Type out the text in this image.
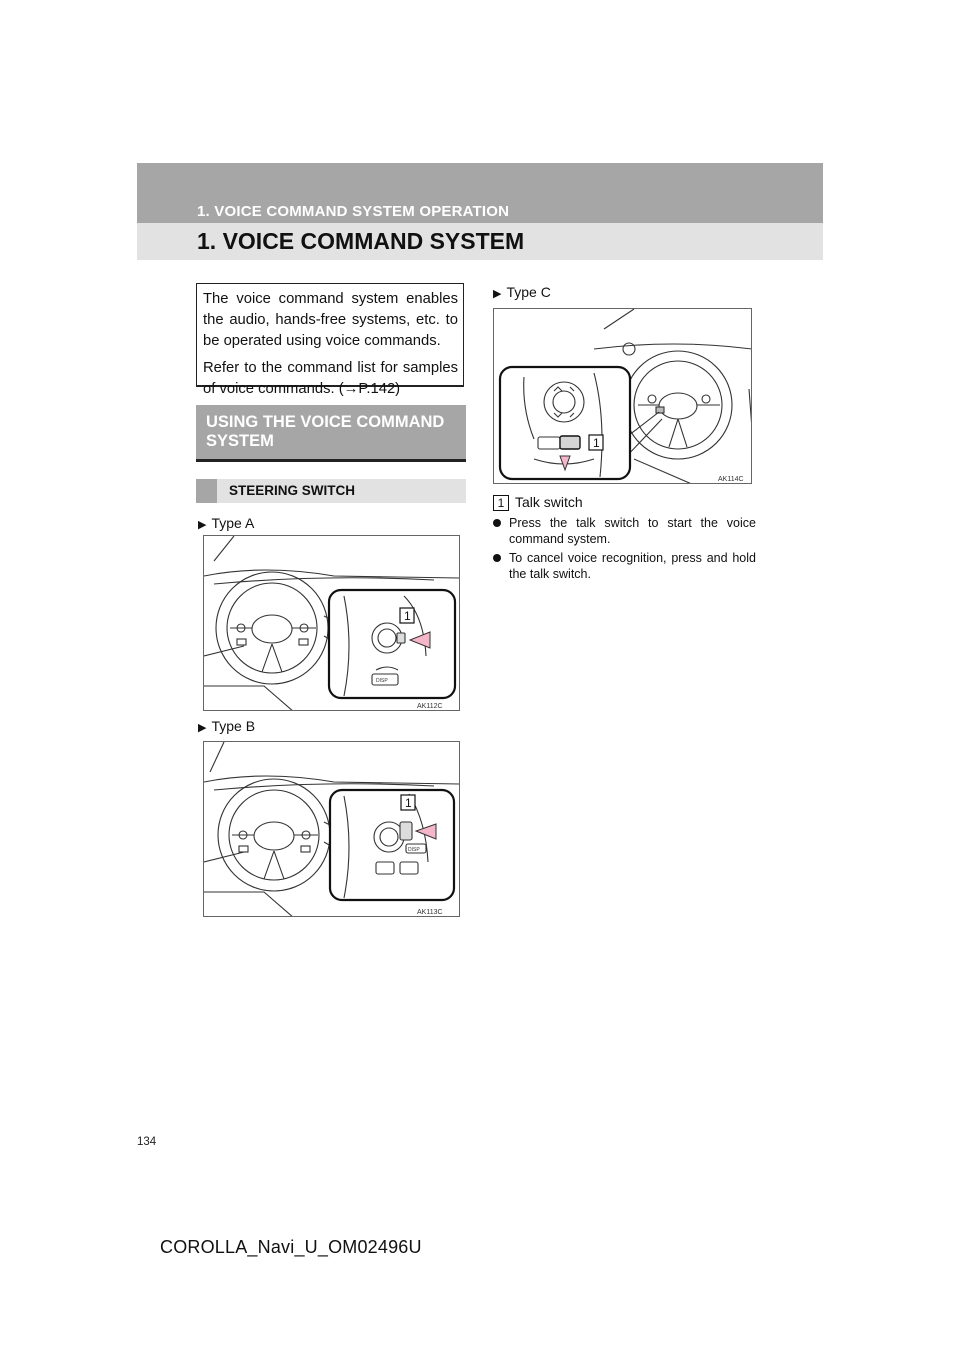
1. VOICE COMMAND SYSTEM OPERATION
1. VOICE COMMAND SYSTEM

The voice command system enables the audio, hands-free systems, etc. to be operated using voice commands.

Refer to the command list for samples of voice commands. (→P.142)

USING THE VOICE COMMAND SYSTEM
STEERING SWITCH
▶ Type A
DISP
1
AK112C
▶ Type B
DISP
1
AK113C
▶ Type C
1
AK114C
1 Talk switch
Press the talk switch to start the voice command system.
To cancel voice recognition, press and hold the talk switch.
134
COROLLA_Navi_U_OM02496U
